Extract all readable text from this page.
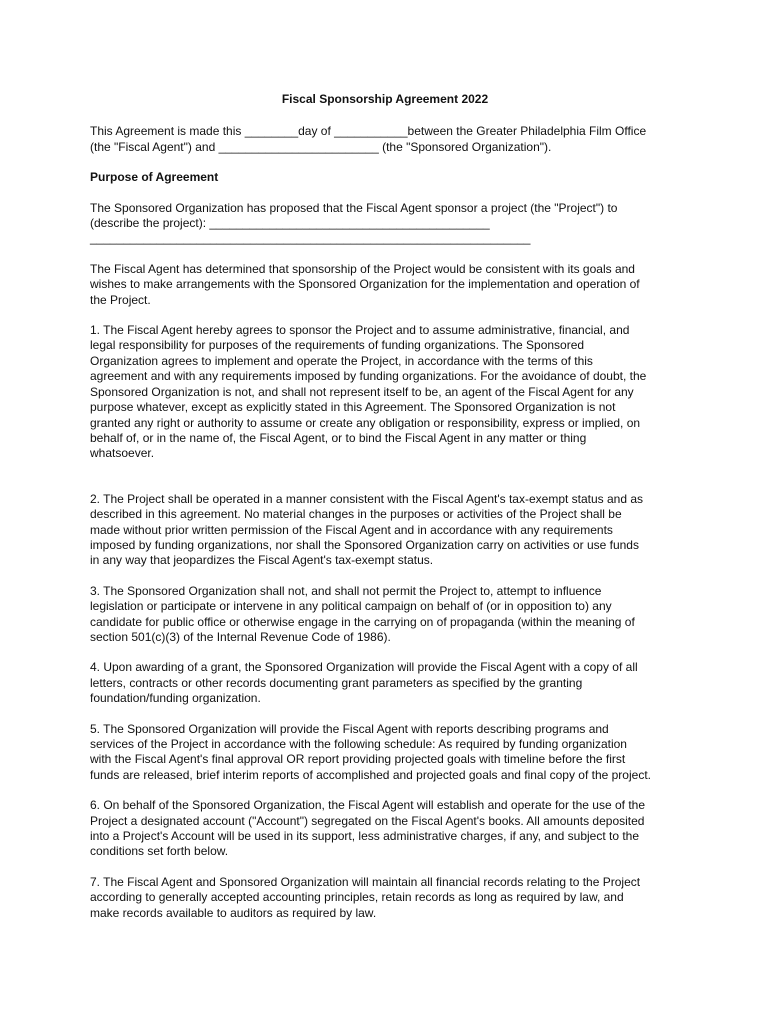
Fiscal Sponsorship Agreement 2022

This Agreement is made this ________day of ___________between the Greater Philadelphia Film Office
(the "Fiscal Agent") and ________________________ (the "Sponsored Organization").

Purpose of Agreement

The Sponsored Organization has proposed that the Fiscal Agent sponsor a project (the "Project") to
(describe the project): __________________________________________
__________________________________________________________________

The Fiscal Agent has determined that sponsorship of the Project would be consistent with its goals and
wishes to make arrangements with the Sponsored Organization for the implementation and operation of
the Project.

1. The Fiscal Agent hereby agrees to sponsor the Project and to assume administrative, financial, and
legal responsibility for purposes of the requirements of funding organizations. The Sponsored
Organization agrees to implement and operate the Project, in accordance with the terms of this
agreement and with any requirements imposed by funding organizations. For the avoidance of doubt, the
Sponsored Organization is not, and shall not represent itself to be, an agent of the Fiscal Agent for any
purpose whatever, except as explicitly stated in this Agreement. The Sponsored Organization is not
granted any right or authority to assume or create any obligation or responsibility, express or implied, on
behalf of, or in the name of, the Fiscal Agent, or to bind the Fiscal Agent in any matter or thing
whatsoever.

2. The Project shall be operated in a manner consistent with the Fiscal Agent's tax-exempt status and as
described in this agreement. No material changes in the purposes or activities of the Project shall be
made without prior written permission of the Fiscal Agent and in accordance with any requirements
imposed by funding organizations, nor shall the Sponsored Organization carry on activities or use funds
in any way that jeopardizes the Fiscal Agent's tax-exempt status.

3. The Sponsored Organization shall not, and shall not permit the Project to, attempt to influence
legislation or participate or intervene in any political campaign on behalf of (or in opposition to) any
candidate for public office or otherwise engage in the carrying on of propaganda (within the meaning of
section 501(c)(3) of the Internal Revenue Code of 1986).

4. Upon awarding of a grant, the Sponsored Organization will provide the Fiscal Agent with a copy of all
letters, contracts or other records documenting grant parameters as specified by the granting
foundation/funding organization.

5. The Sponsored Organization will provide the Fiscal Agent with reports describing programs and
services of the Project in accordance with the following schedule: As required by funding organization
with the Fiscal Agent's final approval OR report providing projected goals with timeline before the first
funds are released, brief interim reports of accomplished and projected goals and final copy of the project.

6. On behalf of the Sponsored Organization, the Fiscal Agent will establish and operate for the use of the
Project a designated account ("Account") segregated on the Fiscal Agent's books. All amounts deposited
into a Project's Account will be used in its support, less administrative charges, if any, and subject to the
conditions set forth below.

7. The Fiscal Agent and Sponsored Organization will maintain all financial records relating to the Project
according to generally accepted accounting principles, retain records as long as required by law, and
make records available to auditors as required by law.
